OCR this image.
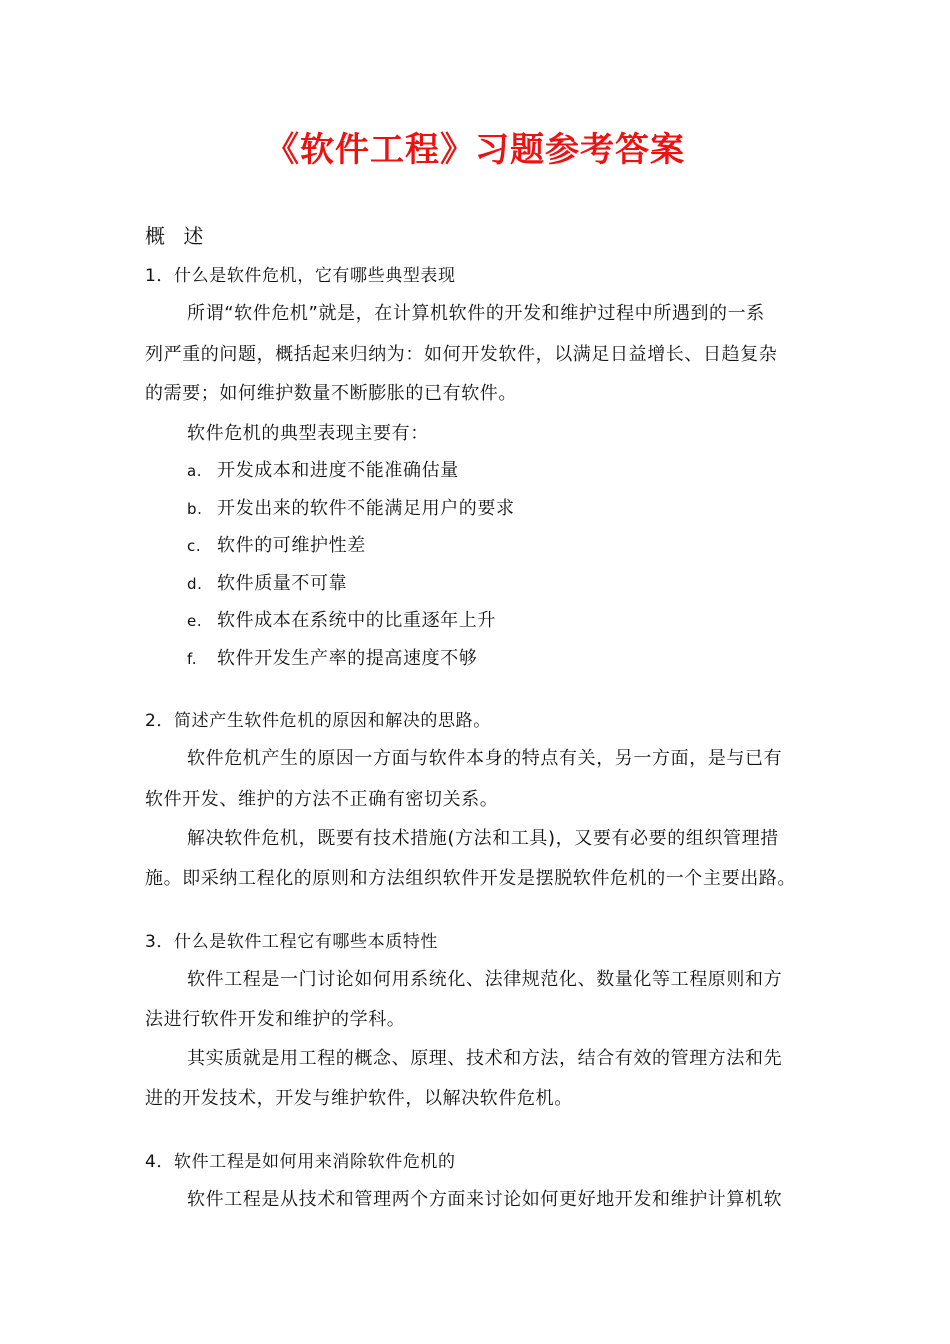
《软件工程》习题参考答案
概 述
1．什么是软件危机，它有哪些典型表现
所谓“软件危机”就是，在计算机软件的开发和维护过程中所遇到的一系
列严重的问题，概括起来归纳为：如何开发软件，以满足日益增长、日趋复杂
的需要；如何维护数量不断膨胀的已有软件。
软件危机的典型表现主要有：
a. 开发成本和进度不能准确估量
b. 开发出来的软件不能满足用户的要求
c. 软件的可维护性差
d. 软件质量不可靠
e. 软件成本在系统中的比重逐年上升
f. 软件开发生产率的提高速度不够
2．简述产生软件危机的原因和解决的思路。
软件危机产生的原因一方面与软件本身的特点有关，另一方面，是与已有
软件开发、维护的方法不正确有密切关系。
解决软件危机，既要有技术措施(方法和工具)，又要有必要的组织管理措
施。即采纳工程化的原则和方法组织软件开发是摆脱软件危机的一个主要出路。
3．什么是软件工程它有哪些本质特性
软件工程是一门讨论如何用系统化、法律规范化、数量化等工程原则和方
法进行软件开发和维护的学科。
其实质就是用工程的概念、原理、技术和方法，结合有效的管理方法和先
进的开发技术，开发与维护软件，以解决软件危机。
4．软件工程是如何用来消除软件危机的
软件工程是从技术和管理两个方面来讨论如何更好地开发和维护计算机软
